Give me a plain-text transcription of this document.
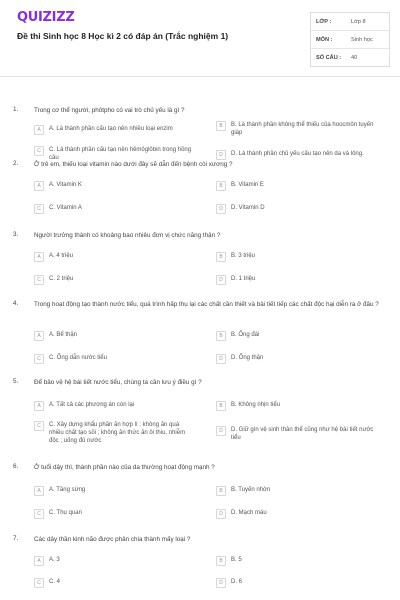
QUIZIZZ
Đề thi Sinh học 8 Học kì 2 có đáp án (Trắc nghiệm 1)
LỚP :	Lớp 8
MÔN :	Sinh học
SỐ CÂU :	40
1. Trong cơ thể người, phôtpho có vai trò chủ yếu là gì ?
A	A. Là thành phần cấu tạo nên nhiều loại enzim	B	B. Là thành phần không thể thiếu của hoocmôn tuyến giáp
C	C. Là thành phần cấu tạo nên hêmôglôbin trong hồng cầu	D	D. Là thành phần chủ yếu cấu tạo nên da và lông.
2. Ở trẻ em, thiếu loại vitamin nào dưới đây sẽ dẫn đến bệnh còi xương ?
A	A. Vitamin K	B	B. Vitamin E
C	C. Vitamin A	D	D. Vitamin D
3. Người trưởng thành có khoảng bao nhiêu đơn vị chức năng thận ?
A	A. 4 triệu	B	B. 3 triệu
C	C. 2 triệu	D	D. 1 triệu
4. Trong hoạt động tạo thành nước tiểu, quá trình hấp thụ lại các chất cần thiết và bài tiết tiếp các chất độc hại diễn ra ở đâu ?
A	A. Bể thận	B	B. Ống đái
C	C. Ống dẫn nước tiểu	D	D. Ống thận
5. Để bảo vệ hệ bài tiết nước tiểu, chúng ta cần lưu ý điều gì ?
A	A. Tất cả các phương án còn lại	B	B. Không nhịn tiểu
C	C. Xây dựng khẩu phần ăn hợp lí : không ăn quá nhiều chất tạo sỏi ; không ăn thức ăn ôi thiu, nhiễm độc ; uống đủ nước
D	D. Giữ gìn vệ sinh thân thể cũng như hệ bài tiết nước tiểu
6. Ở tuổi dậy thì, thành phần nào của da thường hoạt động mạnh ?
A	A. Tầng sừng	B	B. Tuyến nhờn
C	C. Thụ quan	D	D. Mạch máu
7. Các dây thần kinh não được phân chia thành mấy loại ?
A	A. 3	B	B. 5
C	C. 4	D	D. 6
